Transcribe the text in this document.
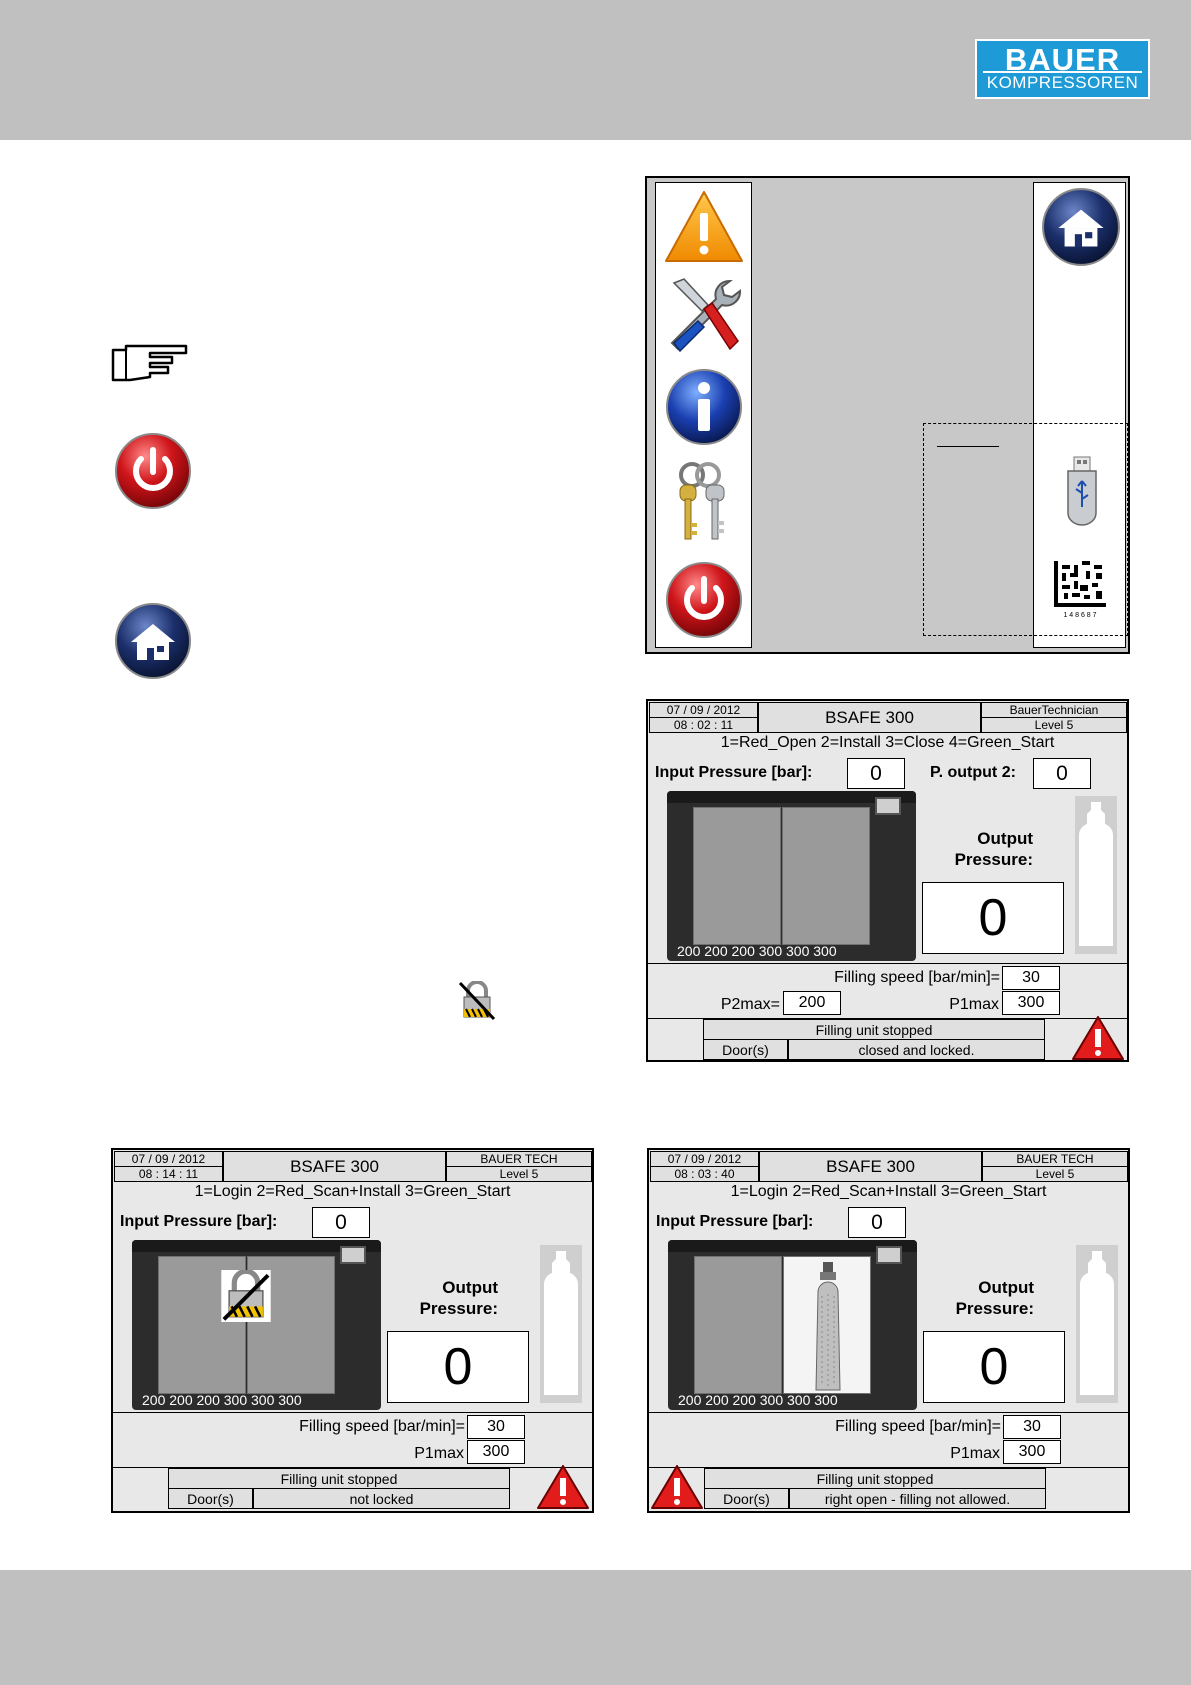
BAUER
KOMPRESSOREN
1 4 8 6 8 7
07 / 09 / 2012
08 : 02 : 11	BSAFE 300	BauerTechnician
Level 5
1=Red_Open 2=Install 3=Close 4=Green_Start
Input Pressure [bar]:	0	P. output 2:	0
200 200 200 300 300 300
Output
Pressure:
0
Filling speed [bar/min]=	30
P2max=	200	P1max	300
Filling unit stopped
Door(s)	closed and locked.
07 / 09 / 2012
08 : 14 : 11	BSAFE 300	BAUER TECH
Level 5
1=Login 2=Red_Scan+Install 3=Green_Start
Input Pressure [bar]:	0
200 200 200 300 300 300
Output
Pressure:
0
Filling speed [bar/min]=	30
P1max	300
Filling unit stopped
Door(s)	not locked
07 / 09 / 2012
08 : 03 : 40	BSAFE 300	BAUER TECH
Level 5
1=Login 2=Red_Scan+Install 3=Green_Start
Input Pressure [bar]:	0
200 200 200 300 300 300
Output
Pressure:
0
Filling speed [bar/min]=	30
P1max	300
Filling unit stopped
Door(s)	right open - filling not allowed.
